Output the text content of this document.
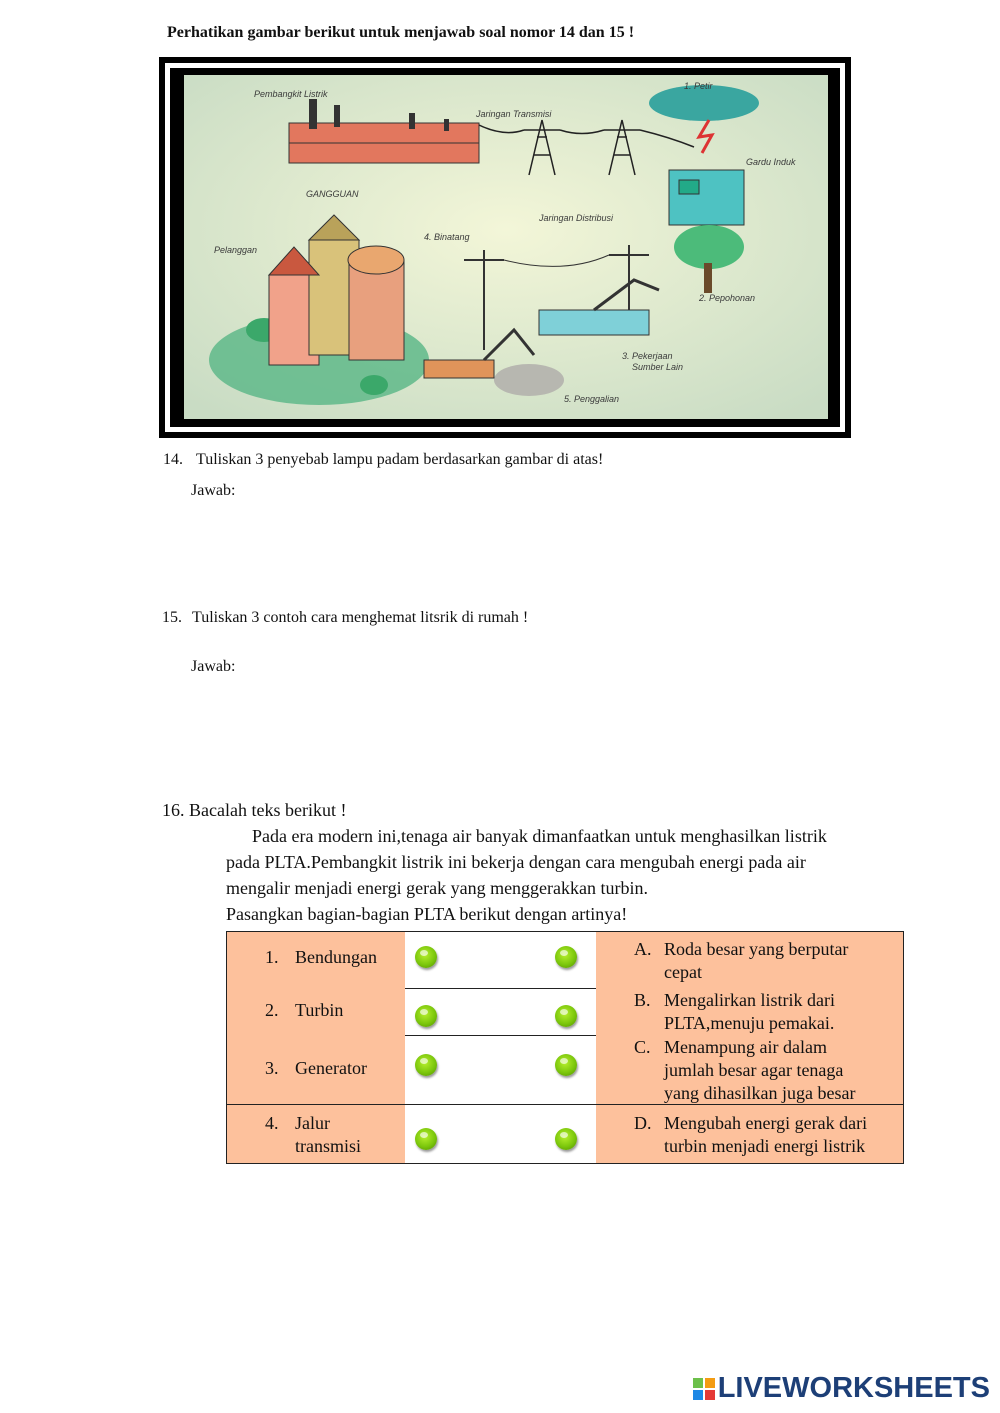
Perhatikan gambar berikut untuk menjawab soal nomor 14 dan 15 !
Pembangkit Listrik
Jaringan Transmisi
1. Petir
Gardu Induk
GANGGUAN
Jaringan Distribusi
4. Binatang
Pelanggan
2. Pepohonan
3. Pekerjaan
Sumber Lain
5. Penggalian
14. Tuliskan 3 penyebab lampu padam berdasarkan gambar di atas!
Jawab:
15. Tuliskan 3 contoh cara menghemat litsrik di rumah !
Jawab:
16. Bacalah teks berikut !
Pada era modern ini,tenaga air banyak dimanfaatkan untuk menghasilkan listrik
pada PLTA.Pembangkit listrik ini bekerja dengan cara mengubah energi pada air
mengalir menjadi energi gerak yang menggerakkan turbin.
Pasangkan bagian-bagian PLTA berikut dengan artinya!
1. Bendungan
2. Turbin
3. Generator
4. Jalur
transmisi
A. Roda besar yang berputar
cepat
B. Mengalirkan listrik dari
PLTA,menuju pemakai.
C. Menampung air dalam
jumlah besar agar tenaga
yang dihasilkan juga besar
D. Mengubah energi gerak dari
turbin menjadi energi listrik
LIVEWORKSHEETS
